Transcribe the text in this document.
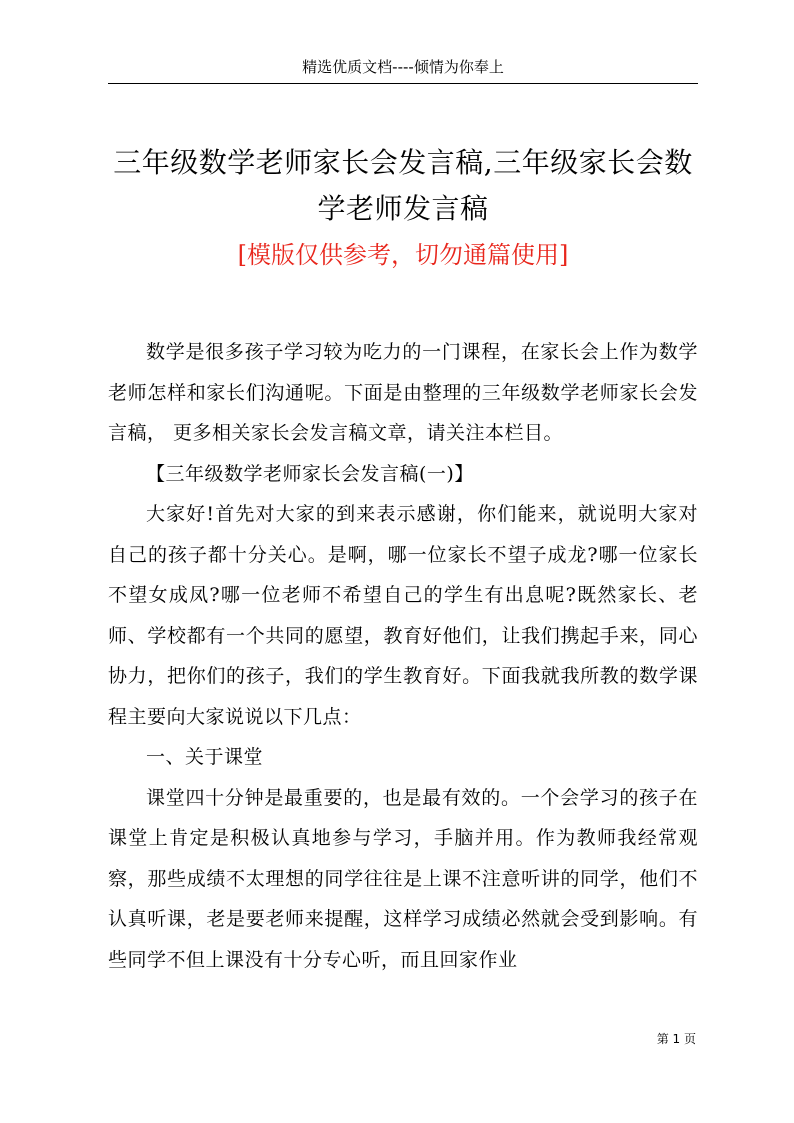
精选优质文档----倾情为你奉上
三年级数学老师家长会发言稿,三年级家长会数学老师发言稿
[模版仅供参考，切勿通篇使用]

数学是很多孩子学习较为吃力的一门课程，在家长会上作为数学老师怎样和家长们沟通呢。下面是由整理的三年级数学老师家长会发言稿， 更多相关家长会发言稿文章，请关注本栏目。

【三年级数学老师家长会发言稿(一)】

大家好!首先对大家的到来表示感谢，你们能来，就说明大家对自己的孩子都十分关心。是啊，哪一位家长不望子成龙?哪一位家长不望女成凤?哪一位老师不希望自己的学生有出息呢?既然家长、老师、学校都有一个共同的愿望，教育好他们，让我们携起手来，同心协力，把你们的孩子，我们的学生教育好。下面我就我所教的数学课程主要向大家说说以下几点：

一、关于课堂

课堂四十分钟是最重要的，也是最有效的。一个会学习的孩子在课堂上肯定是积极认真地参与学习，手脑并用。作为教师我经常观察，那些成绩不太理想的同学往往是上课不注意听讲的同学，他们不认真听课，老是要老师来提醒，这样学习成绩必然就会受到影响。有些同学不但上课没有十分专心听，而且回家作业

第 1 页
